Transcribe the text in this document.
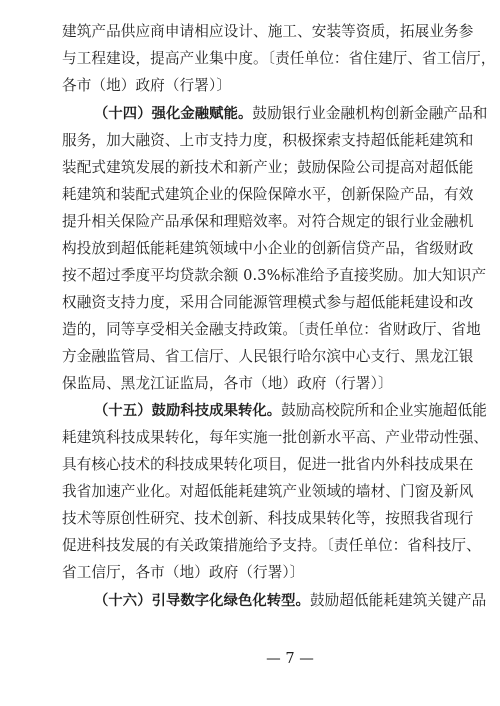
建筑产品供应商申请相应设计、施工、安装等资质，拓展业务参
与工程建设，提高产业集中度。〔责任单位：省住建厅、省工信厅，
各市（地）政府（行署）〕
（十四）强化金融赋能。鼓励银行业金融机构创新金融产品和
服务，加大融资、上市支持力度，积极探索支持超低能耗建筑和
装配式建筑发展的新技术和新产业；鼓励保险公司提高对超低能
耗建筑和装配式建筑企业的保险保障水平，创新保险产品，有效
提升相关保险产品承保和理赔效率。对符合规定的银行业金融机
构投放到超低能耗建筑领域中小企业的创新信贷产品，省级财政
按不超过季度平均贷款余额 0.3%标准给予直接奖励。加大知识产
权融资支持力度，采用合同能源管理模式参与超低能耗建设和改
造的，同等享受相关金融支持政策。〔责任单位：省财政厅、省地
方金融监管局、省工信厅、人民银行哈尔滨中心支行、黑龙江银
保监局、黑龙江证监局，各市（地）政府（行署）〕
（十五）鼓励科技成果转化。鼓励高校院所和企业实施超低能
耗建筑科技成果转化，每年实施一批创新水平高、产业带动性强、
具有核心技术的科技成果转化项目，促进一批省内外科技成果在
我省加速产业化。对超低能耗建筑产业领域的墙材、门窗及新风
技术等原创性研究、技术创新、科技成果转化等，按照我省现行
促进科技发展的有关政策措施给予支持。〔责任单位：省科技厅、
省工信厅，各市（地）政府（行署）〕
（十六）引导数字化绿色化转型。鼓励超低能耗建筑关键产品
— 7 —
